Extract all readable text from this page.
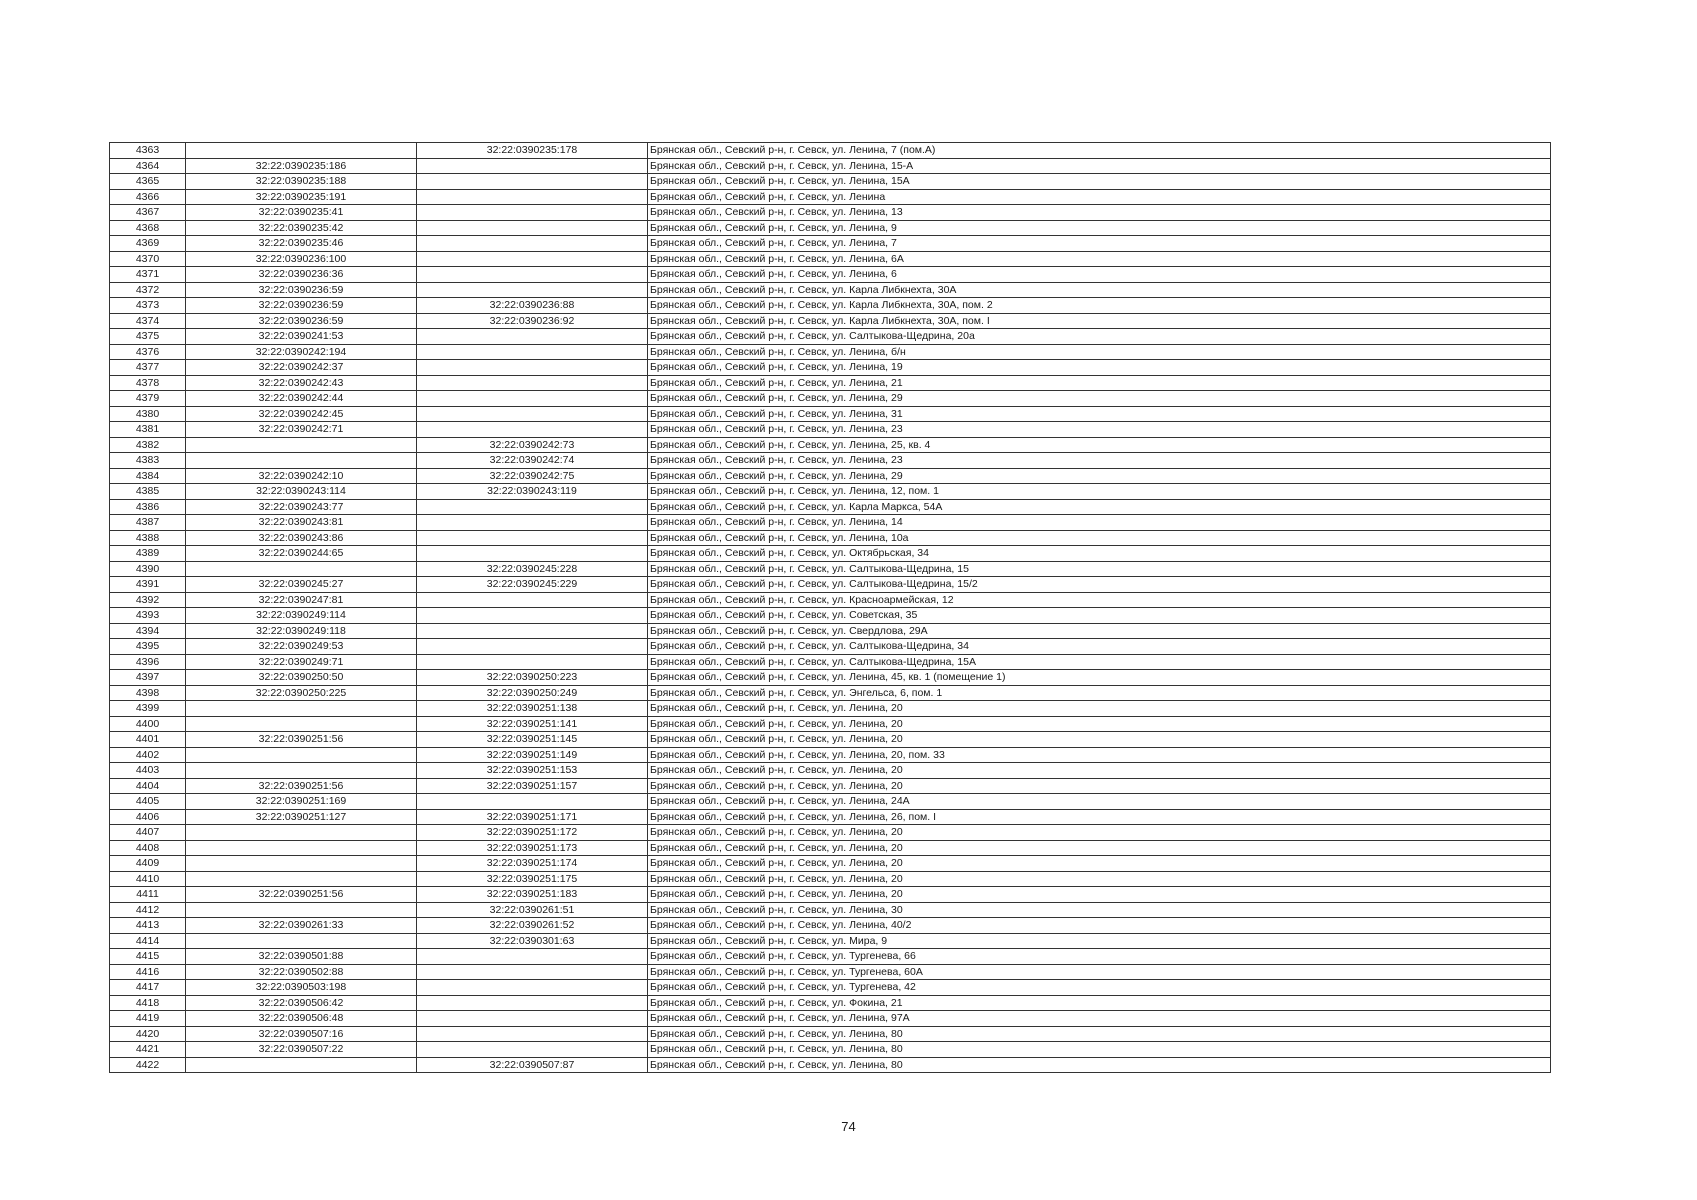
4363		32:22:0390235:178	Брянская обл., Севский р-н, г. Севск, ул. Ленина, 7 (пом.А)
4364	32:22:0390235:186		Брянская обл., Севский р-н, г. Севск, ул. Ленина, 15-А
4365	32:22:0390235:188		Брянская обл., Севский р-н, г. Севск, ул. Ленина, 15А
4366	32:22:0390235:191		Брянская обл., Севский р-н, г. Севск, ул. Ленина
4367	32:22:0390235:41		Брянская обл., Севский р-н, г. Севск, ул. Ленина, 13
4368	32:22:0390235:42		Брянская обл., Севский р-н, г. Севск, ул. Ленина, 9
4369	32:22:0390235:46		Брянская обл., Севский р-н, г. Севск, ул. Ленина, 7
4370	32:22:0390236:100		Брянская обл., Севский р-н, г. Севск, ул. Ленина, 6А
4371	32:22:0390236:36		Брянская обл., Севский р-н, г. Севск, ул. Ленина, 6
4372	32:22:0390236:59		Брянская обл., Севский р-н, г. Севск, ул. Карла Либкнехта, 30А
4373	32:22:0390236:59	32:22:0390236:88	Брянская обл., Севский р-н, г. Севск, ул. Карла Либкнехта, 30А, пом. 2
4374	32:22:0390236:59	32:22:0390236:92	Брянская обл., Севский р-н, г. Севск, ул. Карла Либкнехта, 30А, пом. I
4375	32:22:0390241:53		Брянская обл., Севский р-н, г. Севск, ул. Салтыкова-Щедрина, 20а
4376	32:22:0390242:194		Брянская обл., Севский р-н, г. Севск, ул. Ленина, б/н
4377	32:22:0390242:37		Брянская обл., Севский р-н, г. Севск, ул. Ленина, 19
4378	32:22:0390242:43		Брянская обл., Севский р-н, г. Севск, ул. Ленина, 21
4379	32:22:0390242:44		Брянская обл., Севский р-н, г. Севск, ул. Ленина, 29
4380	32:22:0390242:45		Брянская обл., Севский р-н, г. Севск, ул. Ленина, 31
4381	32:22:0390242:71		Брянская обл., Севский р-н, г. Севск, ул. Ленина, 23
4382		32:22:0390242:73	Брянская обл., Севский р-н, г. Севск, ул. Ленина, 25, кв. 4
4383		32:22:0390242:74	Брянская обл., Севский р-н, г. Севск, ул. Ленина, 23
4384	32:22:0390242:10	32:22:0390242:75	Брянская обл., Севский р-н, г. Севск, ул. Ленина, 29
4385	32:22:0390243:114	32:22:0390243:119	Брянская обл., Севский р-н, г. Севск, ул. Ленина, 12, пом. 1
4386	32:22:0390243:77		Брянская обл., Севский р-н, г. Севск, ул. Карла Маркса, 54А
4387	32:22:0390243:81		Брянская обл., Севский р-н, г. Севск, ул. Ленина, 14
4388	32:22:0390243:86		Брянская обл., Севский р-н, г. Севск, ул. Ленина, 10а
4389	32:22:0390244:65		Брянская обл., Севский р-н, г. Севск, ул. Октябрьская, 34
4390		32:22:0390245:228	Брянская обл., Севский р-н, г. Севск, ул. Салтыкова-Щедрина, 15
4391	32:22:0390245:27	32:22:0390245:229	Брянская обл., Севский р-н, г. Севск, ул. Салтыкова-Щедрина, 15/2
4392	32:22:0390247:81		Брянская обл., Севский р-н, г. Севск, ул. Красноармейская, 12
4393	32:22:0390249:114		Брянская обл., Севский р-н, г. Севск, ул. Советская, 35
4394	32:22:0390249:118		Брянская обл., Севский р-н, г. Севск, ул. Свердлова, 29А
4395	32:22:0390249:53		Брянская обл., Севский р-н, г. Севск, ул. Салтыкова-Щедрина, 34
4396	32:22:0390249:71		Брянская обл., Севский р-н, г. Севск, ул. Салтыкова-Щедрина, 15А
4397	32:22:0390250:50	32:22:0390250:223	Брянская обл., Севский р-н, г. Севск, ул. Ленина, 45, кв. 1 (помещение 1)
4398	32:22:0390250:225	32:22:0390250:249	Брянская обл., Севский р-н, г. Севск, ул. Энгельса, 6, пом. 1
4399		32:22:0390251:138	Брянская обл., Севский р-н, г. Севск, ул. Ленина, 20
4400		32:22:0390251:141	Брянская обл., Севский р-н, г. Севск, ул. Ленина, 20
4401	32:22:0390251:56	32:22:0390251:145	Брянская обл., Севский р-н, г. Севск, ул. Ленина, 20
4402		32:22:0390251:149	Брянская обл., Севский р-н, г. Севск, ул. Ленина, 20, пом. 33
4403		32:22:0390251:153	Брянская обл., Севский р-н, г. Севск, ул. Ленина, 20
4404	32:22:0390251:56	32:22:0390251:157	Брянская обл., Севский р-н, г. Севск, ул. Ленина, 20
4405	32:22:0390251:169		Брянская обл., Севский р-н, г. Севск, ул. Ленина, 24А
4406	32:22:0390251:127	32:22:0390251:171	Брянская обл., Севский р-н, г. Севск, ул. Ленина, 26, пом. I
4407		32:22:0390251:172	Брянская обл., Севский р-н, г. Севск, ул. Ленина, 20
4408		32:22:0390251:173	Брянская обл., Севский р-н, г. Севск, ул. Ленина, 20
4409		32:22:0390251:174	Брянская обл., Севский р-н, г. Севск, ул. Ленина, 20
4410		32:22:0390251:175	Брянская обл., Севский р-н, г. Севск, ул. Ленина, 20
4411	32:22:0390251:56	32:22:0390251:183	Брянская обл., Севский р-н, г. Севск, ул. Ленина, 20
4412		32:22:0390261:51	Брянская обл., Севский р-н, г. Севск, ул. Ленина, 30
4413	32:22:0390261:33	32:22:0390261:52	Брянская обл., Севский р-н, г. Севск, ул. Ленина, 40/2
4414		32:22:0390301:63	Брянская обл., Севский р-н, г. Севск, ул. Мира, 9
4415	32:22:0390501:88		Брянская обл., Севский р-н, г. Севск, ул. Тургенева, 66
4416	32:22:0390502:88		Брянская обл., Севский р-н, г. Севск, ул. Тургенева, 60А
4417	32:22:0390503:198		Брянская обл., Севский р-н, г. Севск, ул. Тургенева, 42
4418	32:22:0390506:42		Брянская обл., Севский р-н, г. Севск, ул. Фокина, 21
4419	32:22:0390506:48		Брянская обл., Севский р-н, г. Севск, ул. Ленина, 97А
4420	32:22:0390507:16		Брянская обл., Севский р-н, г. Севск, ул. Ленина, 80
4421	32:22:0390507:22		Брянская обл., Севский р-н, г. Севск, ул. Ленина, 80
4422		32:22:0390507:87	Брянская обл., Севский р-н, г. Севск, ул. Ленина, 80
74
